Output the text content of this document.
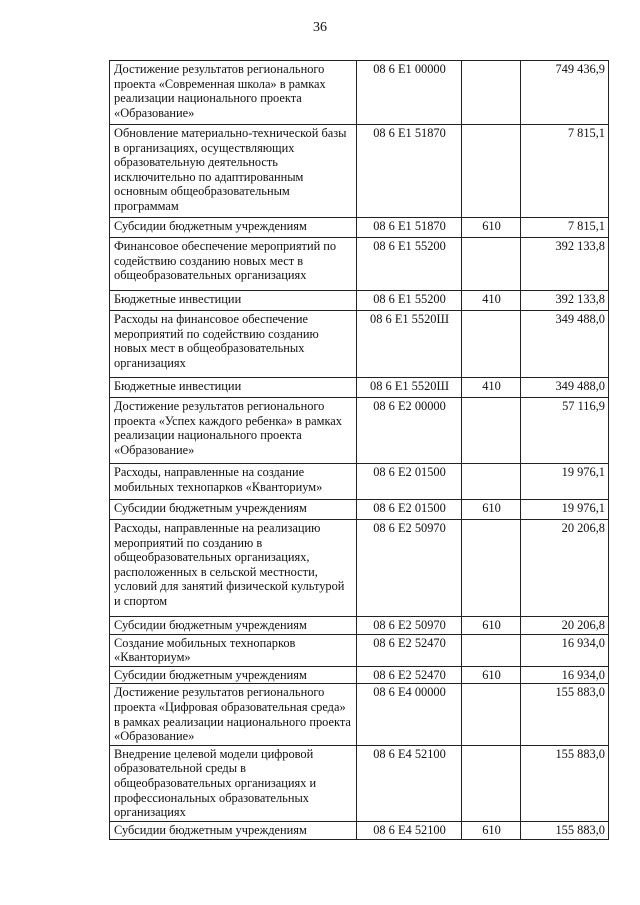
36
Достижение результатов регионального проекта «Современная школа» в рамках реализации национального проекта «Образование»	08 6 E1 00000		749 436,9
Обновление материально-технической базы в организациях, осуществляющих образовательную деятельность исключительно по адаптированным основным общеобразовательным программам	08 6 E1 51870		7 815,1
Субсидии бюджетным учреждениям	08 6 E1 51870	610	7 815,1
Финансовое обеспечение мероприятий по содействию созданию новых мест в общеобразовательных организациях	08 6 E1 55200		392 133,8
Бюджетные инвестиции	08 6 E1 55200	410	392 133,8
Расходы на финансовое обеспечение мероприятий по содействию созданию новых мест в общеобразовательных организациях	08 6 E1 5520Ш		349 488,0
Бюджетные инвестиции	08 6 E1 5520Ш	410	349 488,0
Достижение результатов регионального проекта «Успех каждого ребенка» в рамках реализации национального проекта «Образование»	08 6 E2 00000		57 116,9
Расходы, направленные на создание мобильных технопарков «Кванториум»	08 6 E2 01500		19 976,1
Субсидии бюджетным учреждениям	08 6 E2 01500	610	19 976,1
Расходы, направленные на реализацию мероприятий по созданию в общеобразовательных организациях, расположенных в сельской местности, условий для занятий физической культурой и спортом	08 6 E2 50970		20 206,8
Субсидии бюджетным учреждениям	08 6 E2 50970	610	20 206,8
Создание мобильных технопарков «Кванториум»	08 6 E2 52470		16 934,0
Субсидии бюджетным учреждениям	08 6 E2 52470	610	16 934,0
Достижение результатов регионального проекта «Цифровая образовательная среда» в рамках реализации национального проекта «Образование»	08 6 E4 00000		155 883,0
Внедрение целевой модели цифровой образовательной среды в общеобразовательных организациях и профессиональных образовательных организациях	08 6 E4 52100		155 883,0
Субсидии бюджетным учреждениям	08 6 E4 52100	610	155 883,0
